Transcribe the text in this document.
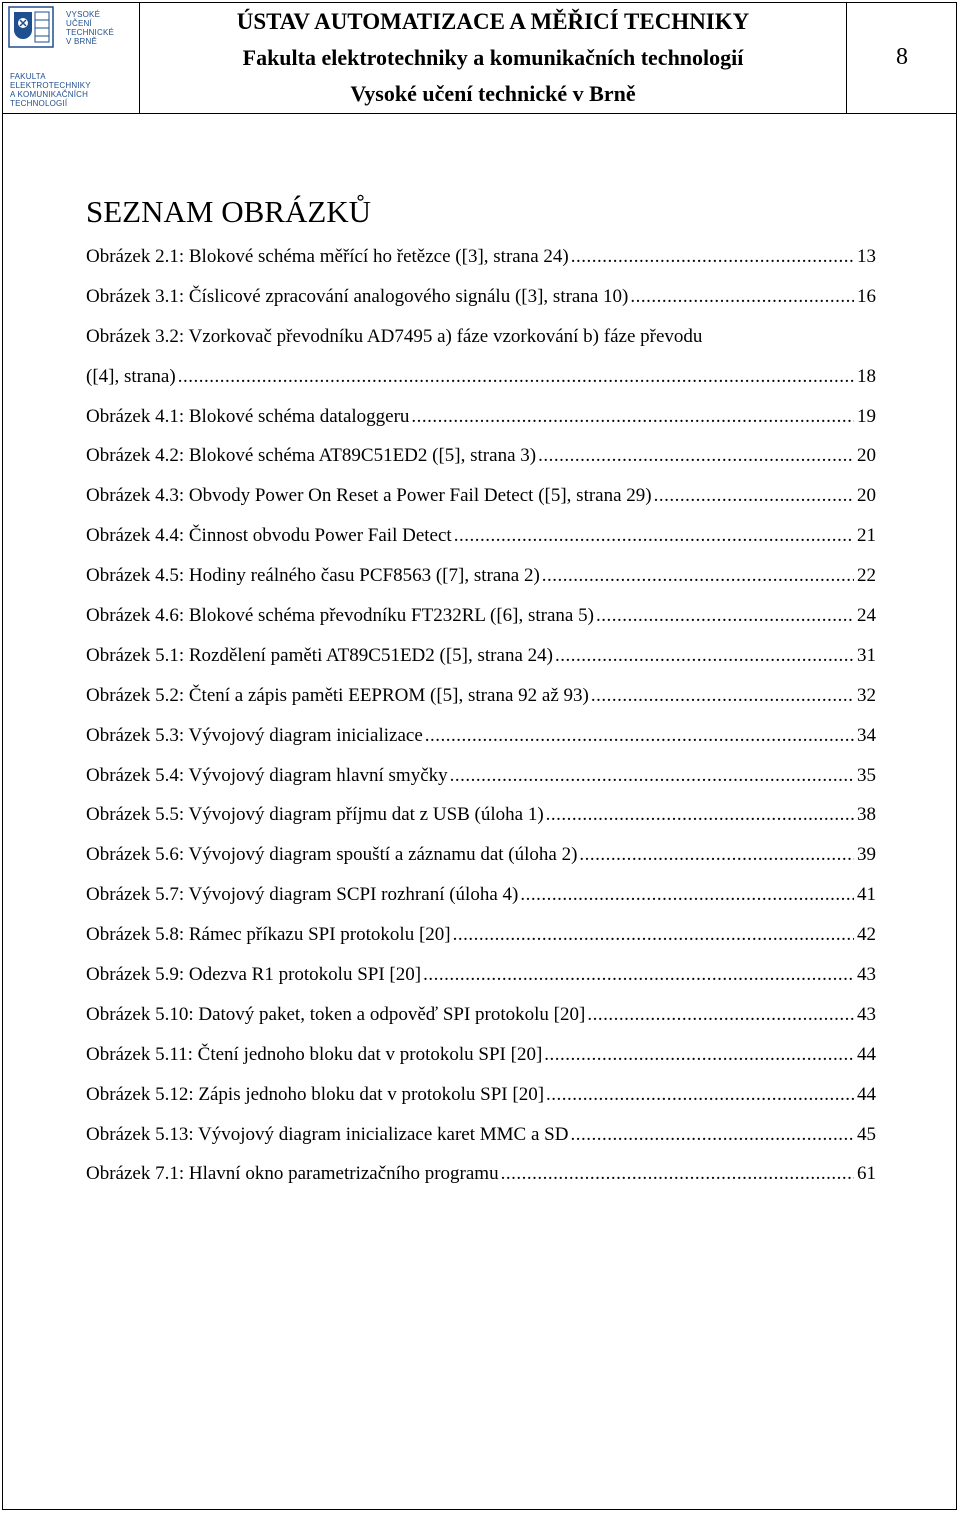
VYSOKÉ
UČENÍ
TECHNICKÉ
V BRNĚ
FAKULTA
ELEKTROTECHNIKY
A KOMUNIKAČNÍCH
TECHNOLOGIÍ
ÚSTAV AUTOMATIZACE A MĚŘICÍ TECHNIKY
Fakulta elektrotechniky a komunikačních technologií
Vysoké učení technické v Brně
8
SEZNAM OBRÁZKŮ
Obrázek 2.1: Blokové schéma měřící ho řetězce ([3], strana 24) .....	13
Obrázek 3.1: Číslicové zpracování analogového signálu ([3], strana 10) .....	16
Obrázek 3.2: Vzorkovač převodníku AD7495 a) fáze vzorkování b) fáze převodu
([4], strana) .....	18
Obrázek 4.1: Blokové schéma dataloggeru .....	19
Obrázek 4.2: Blokové schéma AT89C51ED2 ([5], strana 3) .....	20
Obrázek 4.3: Obvody Power On Reset a Power Fail Detect ([5], strana 29) .....	20
Obrázek 4.4: Činnost obvodu Power Fail Detect .....	21
Obrázek 4.5: Hodiny reálného času PCF8563 ([7], strana 2) .....	22
Obrázek 4.6: Blokové schéma převodníku FT232RL ([6], strana 5) .....	24
Obrázek 5.1: Rozdělení paměti AT89C51ED2 ([5], strana 24) .....	31
Obrázek 5.2: Čtení a zápis paměti EEPROM ([5], strana 92 až 93) .....	32
Obrázek 5.3: Vývojový diagram inicializace .....	34
Obrázek 5.4: Vývojový diagram hlavní smyčky .....	35
Obrázek 5.5: Vývojový diagram příjmu dat z USB (úloha 1) .....	38
Obrázek 5.6: Vývojový diagram spouští a záznamu dat (úloha 2) .....	39
Obrázek 5.7: Vývojový diagram SCPI rozhraní (úloha 4) .....	41
Obrázek 5.8: Rámec příkazu SPI protokolu [20] .....	42
Obrázek 5.9: Odezva R1 protokolu SPI [20] .....	43
Obrázek 5.10: Datový paket, token a odpověď SPI protokolu [20] .....	43
Obrázek 5.11: Čtení jednoho bloku dat v protokolu SPI [20] .....	44
Obrázek 5.12: Zápis jednoho bloku dat v protokolu SPI [20] .....	44
Obrázek 5.13: Vývojový diagram inicializace karet MMC a SD .....	45
Obrázek 7.1: Hlavní okno parametrizačního programu .....	61
